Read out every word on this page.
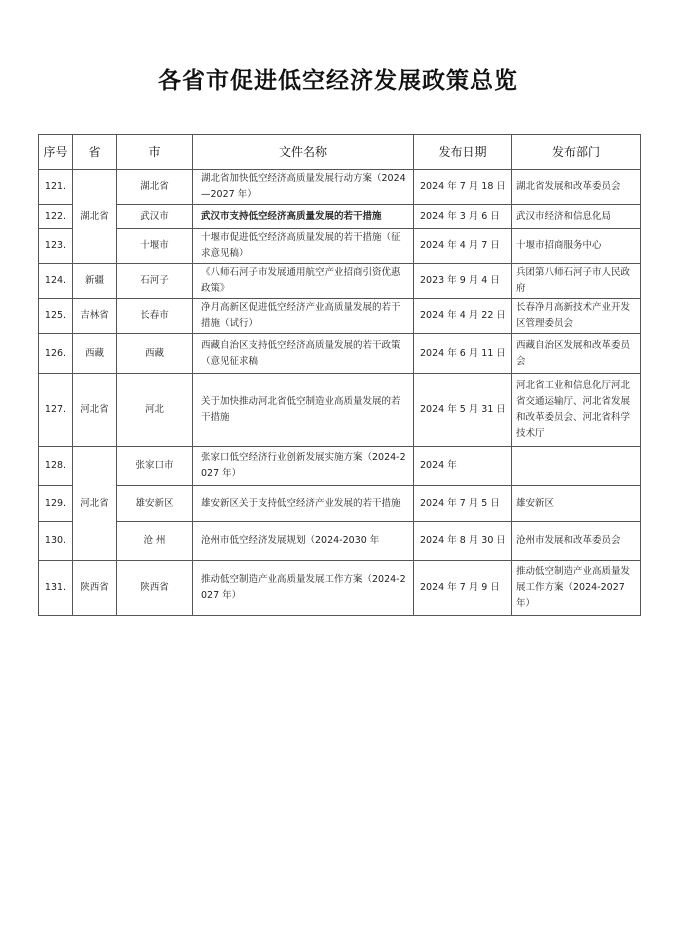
各省市促进低空经济发展政策总览
序号	省	市	文件名称	发布日期	发布部门
121.	湖北省	湖北省	湖北省加快低空经济高质量发展行动方案（2024—2027 年）	2024 年 7 月 18 日	湖北省发展和改革委员会
122.		武汉市	武汉市支持低空经济高质量发展的若干措施	2024 年 3 月 6 日	武汉市经济和信息化局
123.		十堰市	十堰市促进低空经济高质量发展的若干措施（征求意见稿）	2024 年 4 月 7 日	十堰市招商服务中心
124.	新疆	石河子	《八师石河子市发展通用航空产业招商引资优惠政策》	2023 年 9 月 4 日	兵团第八师石河子市人民政府
125.	吉林省	长春市	净月高新区促进低空经济产业高质量发展的若干措施（试行）	2024 年 4 月 22 日	长春净月高新技术产业开发区管理委员会
126.	西藏	西藏	西藏自治区支持低空经济高质量发展的若干政策（意见征求稿	2024 年 6 月 11 日	西藏自治区发展和改革委员会
127.	河北省	河北	关于加快推动河北省低空制造业高质量发展的若干措施	2024 年 5 月 31 日	河北省工业和信息化厅河北省交通运输厅、河北省发展和改革委员会、河北省科学技术厅
128.	河北省	张家口市	张家口低空经济行业创新发展实施方案（2024-2027 年）	2024 年	
129.		雄安新区	雄安新区关于支持低空经济产业发展的若干措施	2024 年 7 月 5 日	雄安新区
130.		沧 州	沧州市低空经济发展规划（2024-2030 年	2024 年 8 月 30 日	沧州市发展和改革委员会
131.	陕西省	陕西省	推动低空制造产业高质量发展工作方案（2024-2027 年）	2024 年 7 月 9 日	推动低空制造产业高质量发展工作方案（2024-2027 年）
